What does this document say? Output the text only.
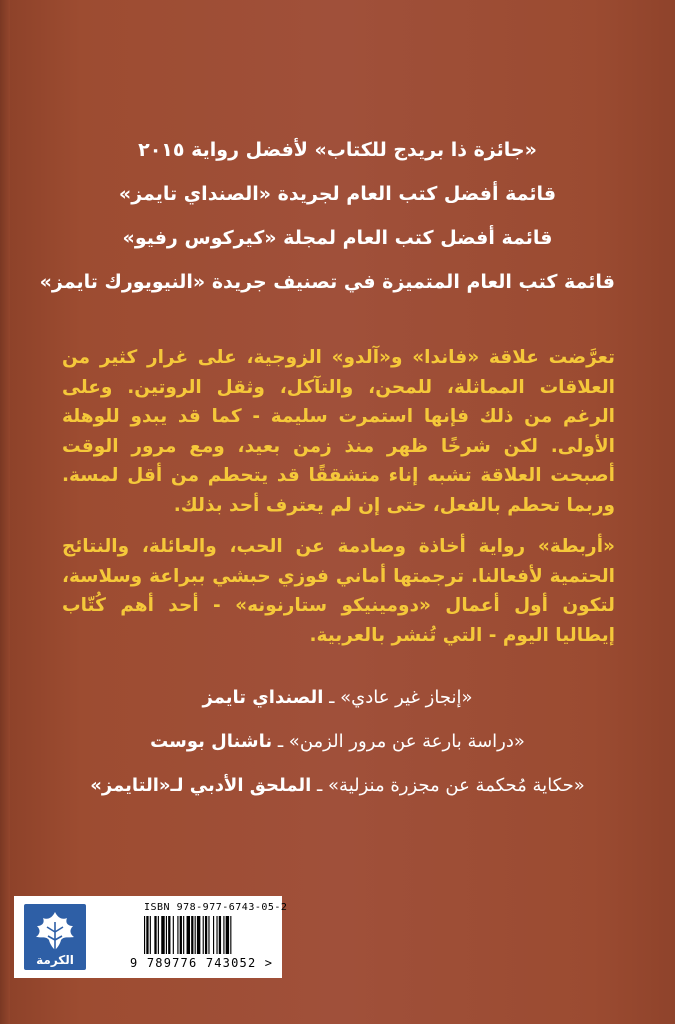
«جائزة ذا بريدج للكتاب» لأفضل رواية ٢٠١٥
قائمة أفضل كتب العام لجريدة «الصنداي تايمز»
قائمة أفضل كتب العام لمجلة «كيركوس رفيو»
قائمة كتب العام المتميزة في تصنيف جريدة «النيويورك تايمز»

تعرَّضت علاقة «فاندا» و«آلدو» الزوجية، على غرار كثير من العلاقات المماثلة، للمحن، والتآكل، وثقل الروتين. وعلى الرغم من ذلك فإنها استمرت سليمة - كما قد يبدو للوهلة الأولى. لكن شرخًا ظهر منذ زمن بعيد، ومع مرور الوقت أصبحت العلاقة تشبه إناء متشققًا قد يتحطم من أقل لمسة. وربما تحطم بالفعل، حتى إن لم يعترف أحد بذلك.

«أربطة» رواية أخاذة وصادمة عن الحب، والعائلة، والنتائج الحتمية لأفعالنا. ترجمتها أماني فوزي حبشي ببراعة وسلاسة، لتكون أول أعمال «دومينيكو ستارنونه» - أحد أهم كُتّاب إيطاليا اليوم - التي تُنشر بالعربية.

«إنجاز غير عادي» ـ الصنداي تايمز
«دراسة بارعة عن مرور الزمن» ـ ناشنال بوست
«حكاية مُحكمة عن مجزرة منزلية» ـ الملحق الأدبي لـ«التايمز»
الكرمة
ISBN 978-977-6743-05-2
9 789776 743052 >
